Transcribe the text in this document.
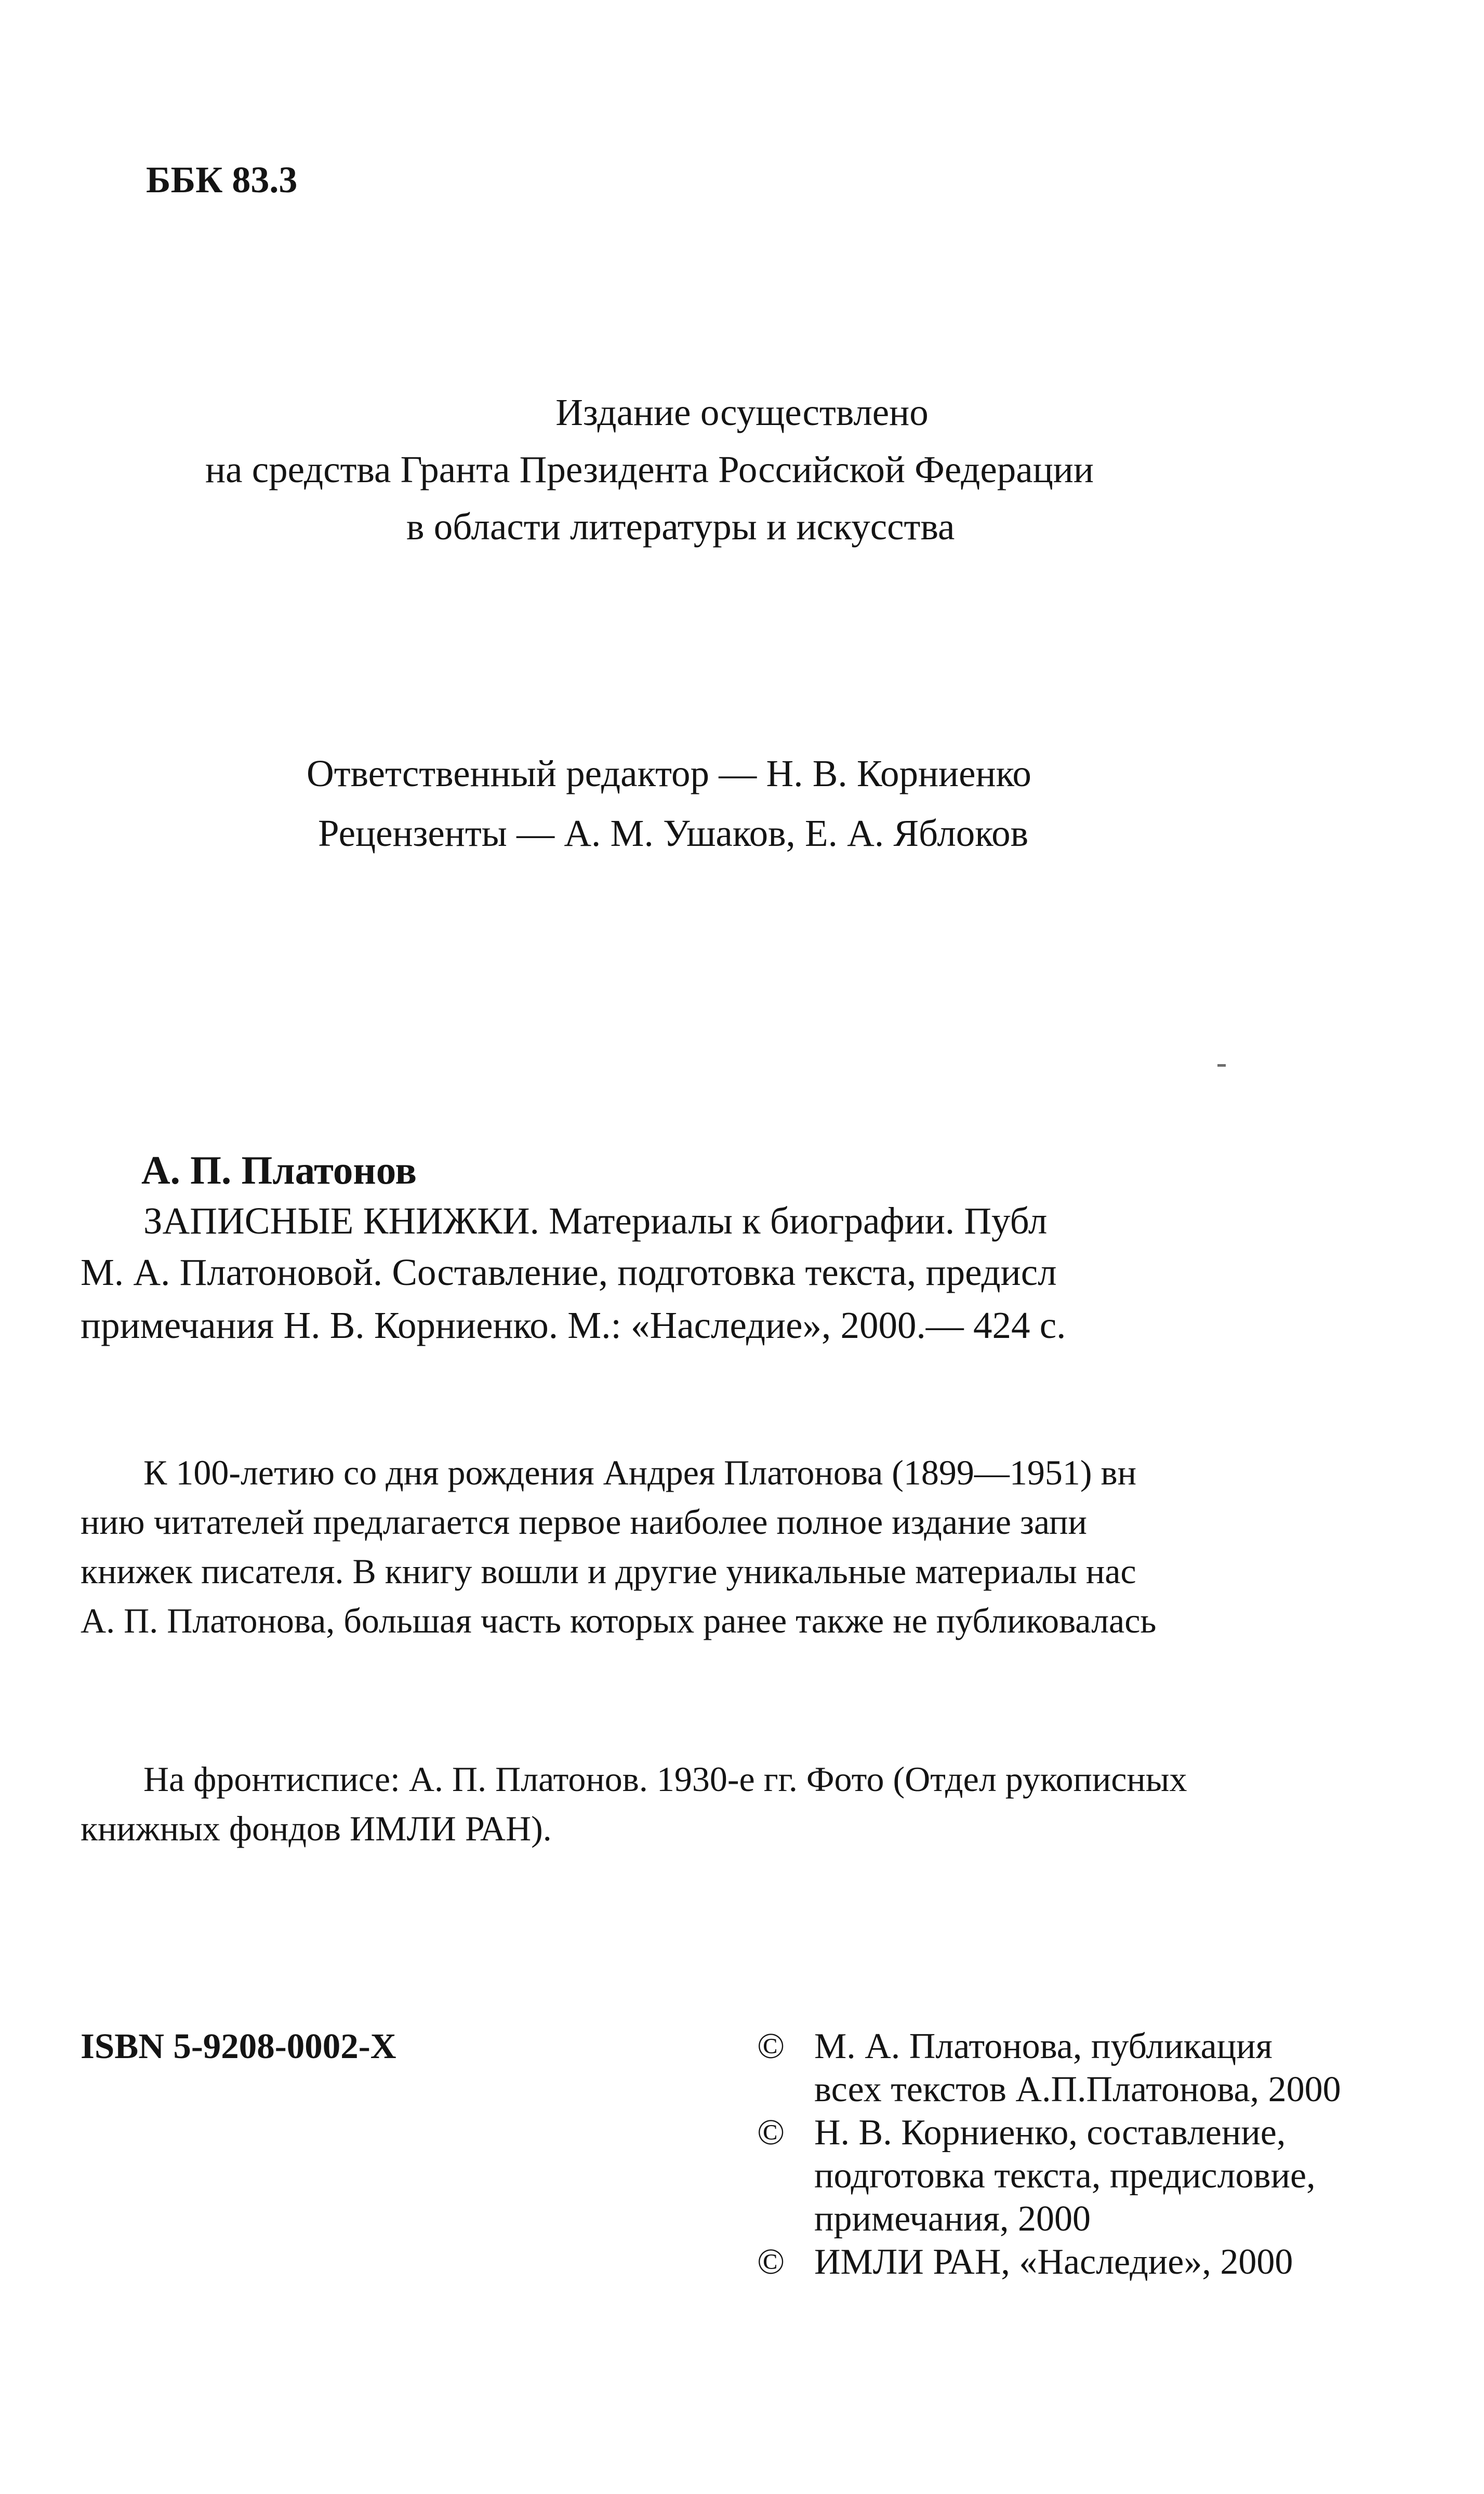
ББК 83.3
Издание осуществлено
на средства Гранта Президента Российской Федерации
в области литературы и искусства
Ответственный редактор — Н. В. Корниенко
Рецензенты — А. М. Ушаков, Е. А. Яблоков
А. П. Платонов
ЗАПИСНЫЕ КНИЖКИ. Материалы к биографии. Публ
М. А. Платоновой. Составление, подготовка текста, предисл
примечания Н. В. Корниенко. М.: «Наследие», 2000.— 424 с.
К 100-летию со дня рождения Андрея Платонова (1899—1951) вн
нию читателей предлагается первое наиболее полное издание запи
книжек писателя. В книгу вошли и другие уникальные материалы нас
А. П. Платонова, большая часть которых ранее также не публиковалась
На фронтисписе: А. П. Платонов. 1930-е гг. Фото (Отдел рукописных
книжных фондов ИМЛИ РАН).
ISBN 5-9208-0002-X	© М. А. Платонова, публикация
всех текстов А.П.Платонова, 2000
© Н. В. Корниенко, составление,
подготовка текста, предисловие,
примечания, 2000
© ИМЛИ РАН, «Наследие», 2000
